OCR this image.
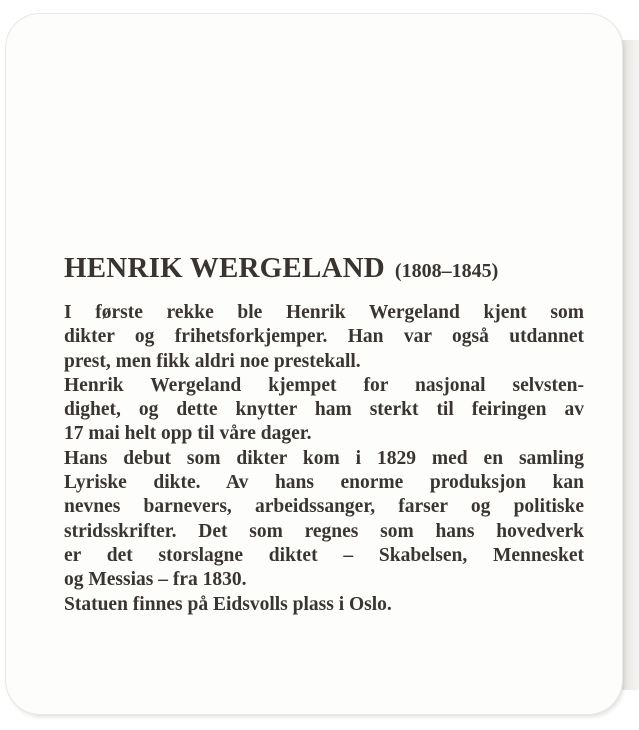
HENRIK WERGELAND (1808–1845)
I første rekke ble Henrik Wergeland kjent som
dikter og frihetsforkjemper. Han var også utdannet
prest, men fikk aldri noe prestekall.
Henrik Wergeland kjempet for nasjonal selvsten-
dighet, og dette knytter ham sterkt til feiringen av
17 mai helt opp til våre dager.
Hans debut som dikter kom i 1829 med en samling
Lyriske dikte. Av hans enorme produksjon kan
nevnes barnevers, arbeidssanger, farser og politiske
stridsskrifter. Det som regnes som hans hovedverk
er det storslagne diktet – Skabelsen, Mennesket
og Messias – fra 1830.
Statuen finnes på Eidsvolls plass i Oslo.
